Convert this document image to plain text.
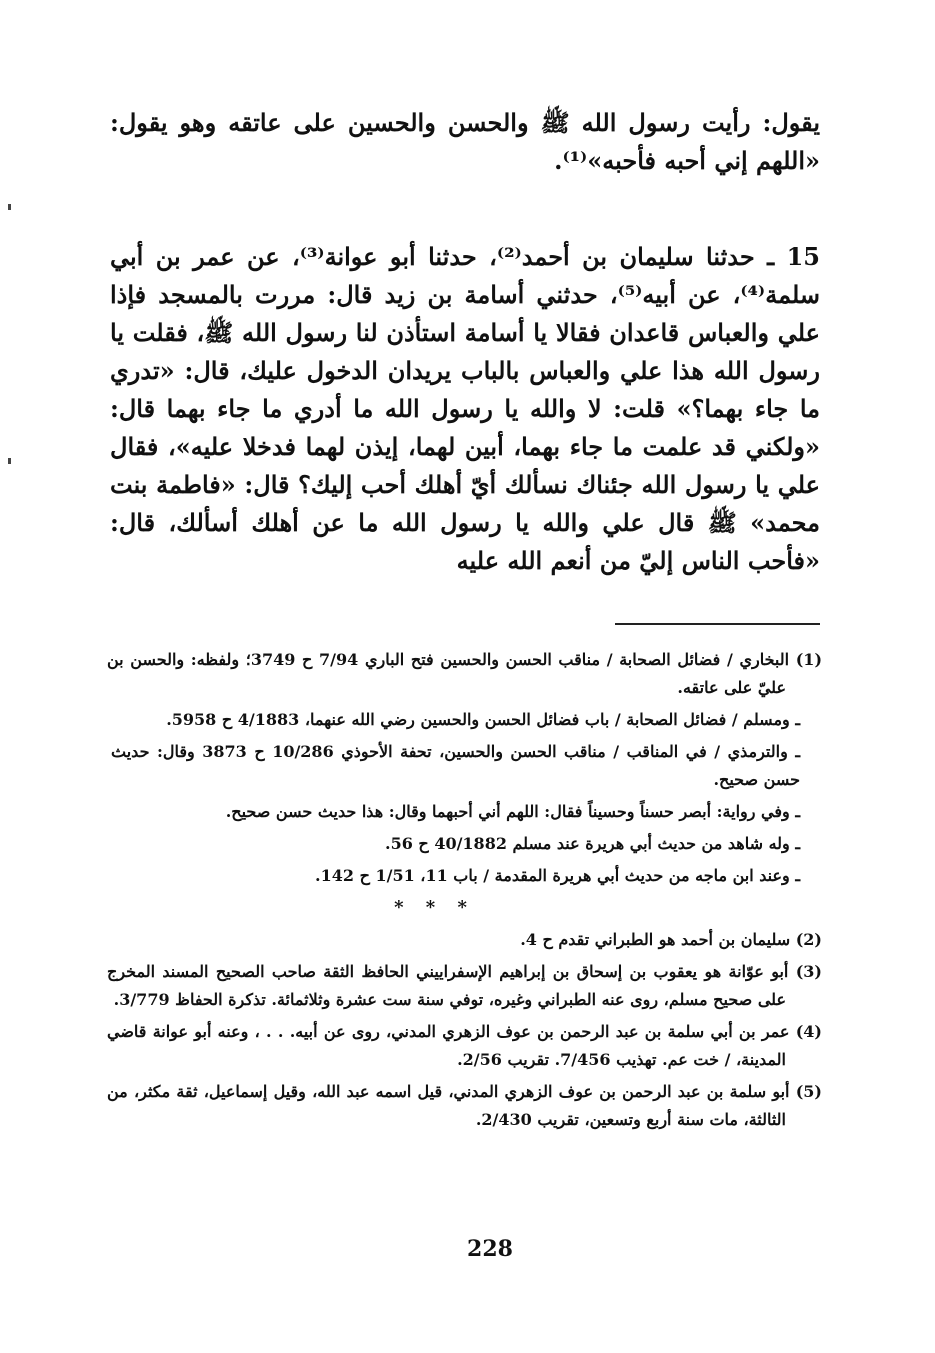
يقول: رأيت رسول الله ﷺ والحسن والحسين على عاتقه وهو يقول: «اللهم إني أحبه فأحبه»⁽¹⁾.

15 ـ حدثنا سليمان بن أحمد⁽²⁾، حدثنا أبو عوانة⁽³⁾، عن عمر بن أبي سلمة⁽⁴⁾، عن أبيه⁽⁵⁾، حدثني أسامة بن زيد قال: مررت بالمسجد فإذا علي والعباس قاعدان فقالا يا أسامة استأذن لنا رسول الله ﷺ، فقلت يا رسول الله هذا علي والعباس بالباب يريدان الدخول عليك، قال: «تدري ما جاء بهما؟» قلت: لا والله يا رسول الله ما أدري ما جاء بهما قال: «ولكني قد علمت ما جاء بهما، أبين لهما، إيذن لهما فدخلا عليه»، فقال علي يا رسول الله جئناك نسألك أيّ أهلك أحب إليك؟ قال: «فاطمة بنت محمد» ﷺ قال علي والله يا رسول الله ما عن أهلك أسألك، قال: «فأحب الناس إليّ من أنعم الله عليه

(1) البخاري / فضائل الصحابة / مناقب الحسن والحسين فتح الباري 7/94 ح 3749؛ ولفظه: والحسن بن عليّ على عاتقه.

ـ ومسلم / فضائل الصحابة / باب فضائل الحسن والحسين رضي الله عنهما، 4/1883 ح 5958.

ـ والترمذي / في المناقب / مناقب الحسن والحسين، تحفة الأحوذي 10/286 ح 3873 وقال: حديث حسن صحيح.

ـ وفي رواية: أبصر حسناً وحسيناً فقال: اللهم أني أحبهما وقال: هذا حديث حسن صحيح.

ـ وله شاهد من حديث أبي هريرة عند مسلم 40/1882 ح 56.

ـ وعند ابن ماجه من حديث أبي هريرة المقدمة / باب 11، 1/51 ح 142.

* * *

(2) سليمان بن أحمد هو الطبراني تقدم ح 4.

(3) أبو عوّانة هو يعقوب بن إسحاق بن إبراهيم الإسفراييني الحافظ الثقة صاحب الصحيح المسند المخرج على صحيح مسلم، روى عنه الطبراني وغيره، توفي سنة ست عشرة وثلاثمائة. تذكرة الحفاظ 3/779.

(4) عمر بن أبي سلمة بن عبد الرحمن بن عوف الزهري المدني، روى عن أبيه. . . ، وعنه أبو عوانة قاضي المدينة، / خت عم. تهذيب 7/456. تقريب 2/56.

(5) أبو سلمة بن عبد الرحمن بن عوف الزهري المدني، قيل اسمه عبد الله، وقيل إسماعيل، ثقة مكثر، من الثالثة، مات سنة أربع وتسعين، تقريب 2/430.

228
